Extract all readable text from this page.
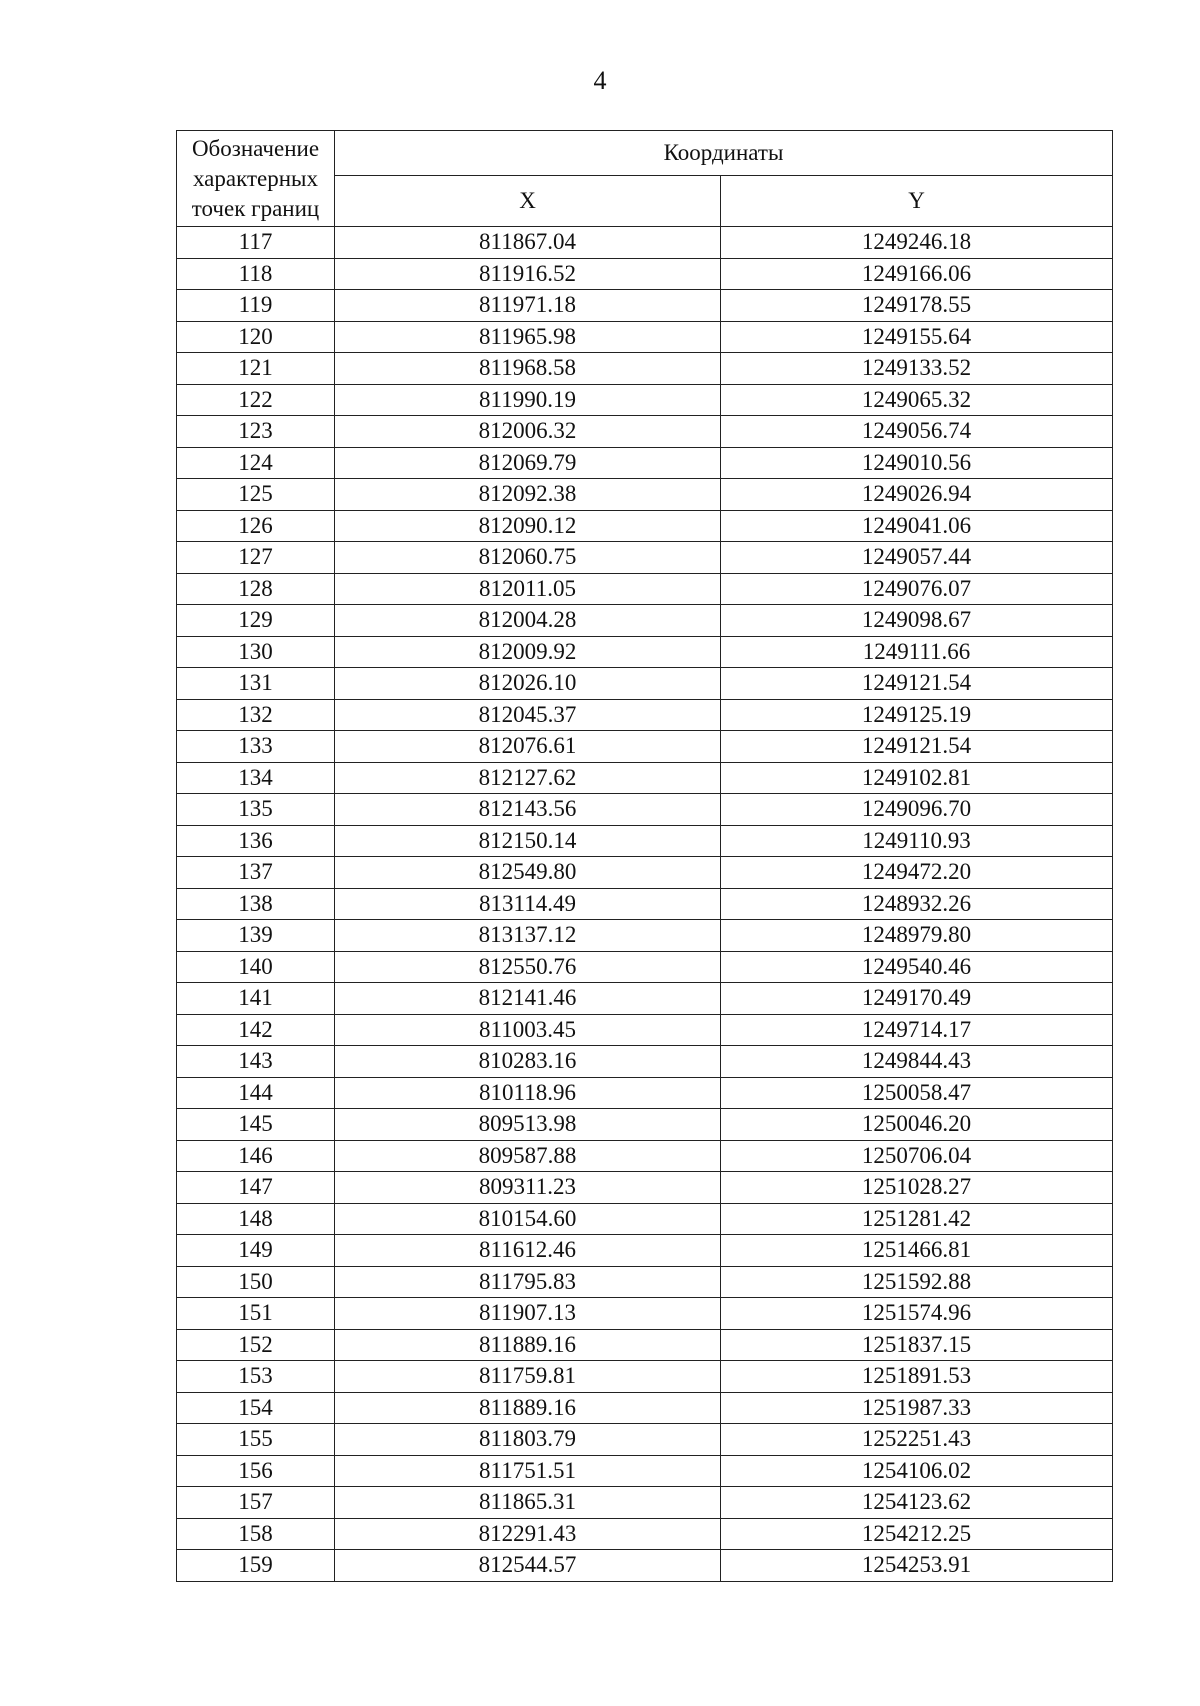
4
Обозначение
характерных
точек границ	Координаты	
	X	Y
117	811867.04	1249246.18
118	811916.52	1249166.06
119	811971.18	1249178.55
120	811965.98	1249155.64
121	811968.58	1249133.52
122	811990.19	1249065.32
123	812006.32	1249056.74
124	812069.79	1249010.56
125	812092.38	1249026.94
126	812090.12	1249041.06
127	812060.75	1249057.44
128	812011.05	1249076.07
129	812004.28	1249098.67
130	812009.92	1249111.66
131	812026.10	1249121.54
132	812045.37	1249125.19
133	812076.61	1249121.54
134	812127.62	1249102.81
135	812143.56	1249096.70
136	812150.14	1249110.93
137	812549.80	1249472.20
138	813114.49	1248932.26
139	813137.12	1248979.80
140	812550.76	1249540.46
141	812141.46	1249170.49
142	811003.45	1249714.17
143	810283.16	1249844.43
144	810118.96	1250058.47
145	809513.98	1250046.20
146	809587.88	1250706.04
147	809311.23	1251028.27
148	810154.60	1251281.42
149	811612.46	1251466.81
150	811795.83	1251592.88
151	811907.13	1251574.96
152	811889.16	1251837.15
153	811759.81	1251891.53
154	811889.16	1251987.33
155	811803.79	1252251.43
156	811751.51	1254106.02
157	811865.31	1254123.62
158	812291.43	1254212.25
159	812544.57	1254253.91
